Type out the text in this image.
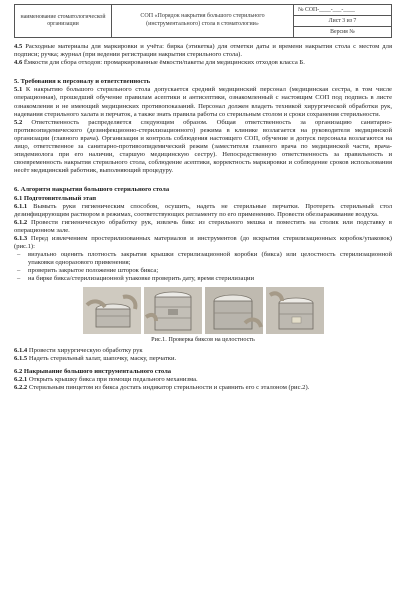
наименование стоматологической организации
СОП «Порядок накрытия большого стерильного (инструментального) стола в стоматологии»
№ СОП-____-___-____
Лист 3 из 7
Версия №

4.5 Расходные материалы для маркировки и учёта: бирка (этикетка) для отметки даты и времени накрытия стола с местом для подписи; ручка; журнал (при ведении регистрации накрытия стерильного стола).

4.6 Ёмкости для сбора отходов: промаркированные ёмкости/пакеты для медицинских отходов класса Б.

5. Требования к персоналу и ответственность

5.1 К накрытию большого стерильного стола допускается средний медицинский персонал (медицинская сестра, в том числе операционная), прошедший обучение правилам асептики и антисептики, ознакомленный с настоящим СОП под подпись в листе ознакомления и не имеющий медицинских противопоказаний. Персонал должен владеть техникой хирургической обработки рук, надевания стерильного халата и перчаток, а также знать правила работы со стерильным столом и сроки сохранения стерильности.

5.2 Ответственность распределяется следующим образом. Общая ответственность за организацию санитарно-противоэпидемического (дезинфекционно-стерилизационного) режима в клинике возлагается на руководителя медицинской организации (главного врача). Организация и контроль соблюдения настоящего СОП, обучение и допуск персонала возлагаются на лицо, ответственное за санитарно-противоэпидемический режим (заместителя главного врача по медицинской части, врача-эпидемиолога при его наличии, старшую медицинскую сестру). Непосредственную ответственность за правильность и своевременность накрытия стерильного стола, соблюдение асептики, корректность маркировки и соблюдение сроков использования несёт медицинский работник, выполняющий процедуру.

6. Алгоритм накрытия большого стерильного стола

6.1 Подготовительный этап

6.1.1 Вымыть руки гигиеническим способом, осушить, надеть не стерильные перчатки. Протереть стерильный стол дезинфицирующим раствором в режимах, соответствующих регламенту по его применению. Провести обеззараживание воздуха.

6.1.2 Провести гигиеническую обработку рук, извлечь бикс из стерильного мешка и поместить на столик или подставку в операционном зале.

6.1.3 Перед извлечением простерилизованных материалов и инструментов (до вскрытия стерилизационных коробок/упаковок) (рис.1):

–	визуально оценить плотность закрытия крышки стерилизационной коробки (бикса) или целостность стерилизационной упаковки одноразового применения;
–	проверить закрытое положение шторок бикса;
–	на бирке бикса/стерилизационной упаковке проверить дату, время стерилизации

Рис.1. Проверка биксов на целостность

6.1.4 Провести хирургическую обработку рук

6.1.5 Надеть стерильный халат, шапочку, маску, перчатки.

6.2 Накрывание большого инструментального стола

6.2.1 Открыть крышку бикса при помощи педального механизма.

6.2.2 Стерильным пинцетом из бикса достать индикатор стерильности и сравнить его с эталоном (рис.2).
